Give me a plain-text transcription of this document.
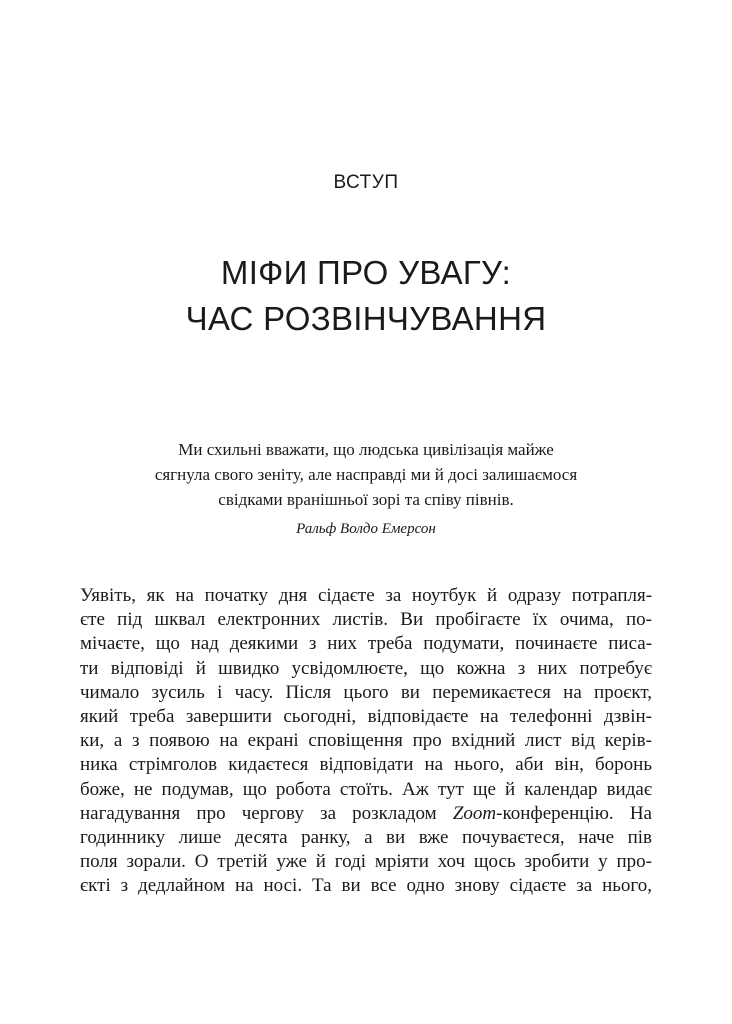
ВСТУП
МІФИ ПРО УВАГУ:
ЧАС РОЗВІНЧУВАННЯ
Ми схильні вважати, що людська цивілізація майже
сягнула свого зеніту, але насправді ми й досі залишаємося
свідками вранішньої зорі та співу півнів.
Ральф Волдо Емерсон
Уявіть, як на початку дня сідаєте за ноутбук й одразу потрапля-
єте під шквал електронних листів. Ви пробігаєте їх очима, по-
мічаєте, що над деякими з них треба подумати, починаєте писа-
ти відповіді й швидко усвідомлюєте, що кожна з них потребує
чимало зусиль і часу. Після цього ви перемикаєтеся на проєкт,
який треба завершити сьогодні, відповідаєте на телефонні дзвін-
ки, а з появою на екрані сповіщення про вхідний лист від керів-
ника стрімголов кидаєтеся відповідати на нього, аби він, боронь
боже, не подумав, що робота стоїть. Аж тут ще й календар видає
нагадування про чергову за розкладом Zoom-конференцію. На
годиннику лише десята ранку, а ви вже почуваєтеся, наче пів
поля зорали. О третій уже й годі мріяти хоч щось зробити у про-
єкті з дедлайном на носі. Та ви все одно знову сідаєте за нього,
